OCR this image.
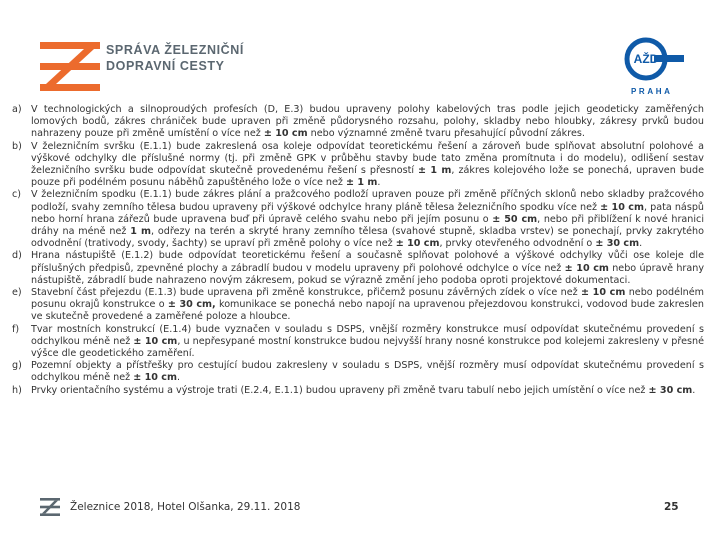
SPRÁVA ŽELEZNIČNÍ
DOPRAVNÍ CESTY	AŽD
PRAHA
a) V technologických a silnoproudých profesích (D, E.3) budou upraveny polohy kabelových tras podle jejich geodeticky zaměřených lomových bodů, zákres chrániček bude upraven při změně půdorysného rozsahu, polohy, skladby nebo hloubky, zákresy prvků budou nahrazeny pouze při změně umístění o více než ± 10 cm nebo významné změně tvaru přesahující původní zákres.
b) V železničním svršku (E.1.1) bude zakreslená osa koleje odpovídat teoretickému řešení a zároveň bude splňovat absolutní polohové a výškové odchylky dle příslušné normy (tj. při změně GPK v průběhu stavby bude tato změna promítnuta i do modelu), odlišení sestav železničního svršku bude odpovídat skutečně provedenému řešení s přesností ± 1 m, zákres kolejového lože se ponechá, upraven bude pouze při podélném posunu náběhů zapuštěného lože o více než ± 1 m.
c)	V železničním spodku (E.1.1) bude zákres plání a pražcového podloží upraven pouze při změně příčných sklonů nebo skladby pražcového podloží, svahy zemního tělesa budou upraveny při výškové odchylce hrany pláně tělesa železničního spodku více než ± 10 cm, pata náspů nebo horní hrana zářezů bude upravena buď při úpravě celého svahu nebo při jejím posunu o ± 50 cm, nebo při přiblížení k nové hranici dráhy na méně než 1 m, odřezy na terén a skryté hrany zemního tělesa (svahové stupně, skladba vrstev) se ponechají, prvky zakrytého odvodnění (trativody, svody, šachty) se upraví při změně polohy o více než ± 10 cm, prvky otevřeného odvodnění o ± 30 cm.
d) Hrana nástupiště (E.1.2) bude odpovídat teoretickému řešení a současně splňovat polohové a výškové odchylky vůči ose koleje dle příslušných předpisů, zpevněné plochy a zábradlí budou v modelu upraveny při polohové odchylce o více než ± 10 cm nebo úpravě hrany nástupiště, zábradlí bude nahrazeno novým zákresem, pokud se výrazně změní jeho podoba oproti projektové dokumentaci.
e) Stavební část přejezdu (E.1.3) bude upravena při změně konstrukce, přičemž posunu závěrných zídek o více než ± 10 cm nebo podélném posunu okrajů konstrukce o ± 30 cm, komunikace se ponechá nebo napojí na upravenou přejezdovou konstrukci, vodovod bude zakreslen ve skutečně provedené a zaměřené poloze a hloubce.
f)	Tvar mostních konstrukcí (E.1.4) bude vyznačen v souladu s DSPS, vnější rozměry konstrukce musí odpovídat skutečnému provedení s odchylkou méně než ± 10 cm, u nepřesypané mostní konstrukce budou nejvyšší hrany nosné konstrukce pod kolejemi zakresleny v přesné výšce dle geodetického zaměření.
g) Pozemní objekty a přístřešky pro cestující budou zakresleny v souladu s DSPS, vnější rozměry musí odpovídat skutečnému provedení s odchylkou méně než ± 10 cm.
h) Prvky orientačního systému a výstroje trati (E.2.4, E.1.1) budou upraveny při změně tvaru tabulí nebo jejich umístění o více než ± 30 cm.
Železnice 2018, Hotel Olšanka, 29.11. 2018	25
